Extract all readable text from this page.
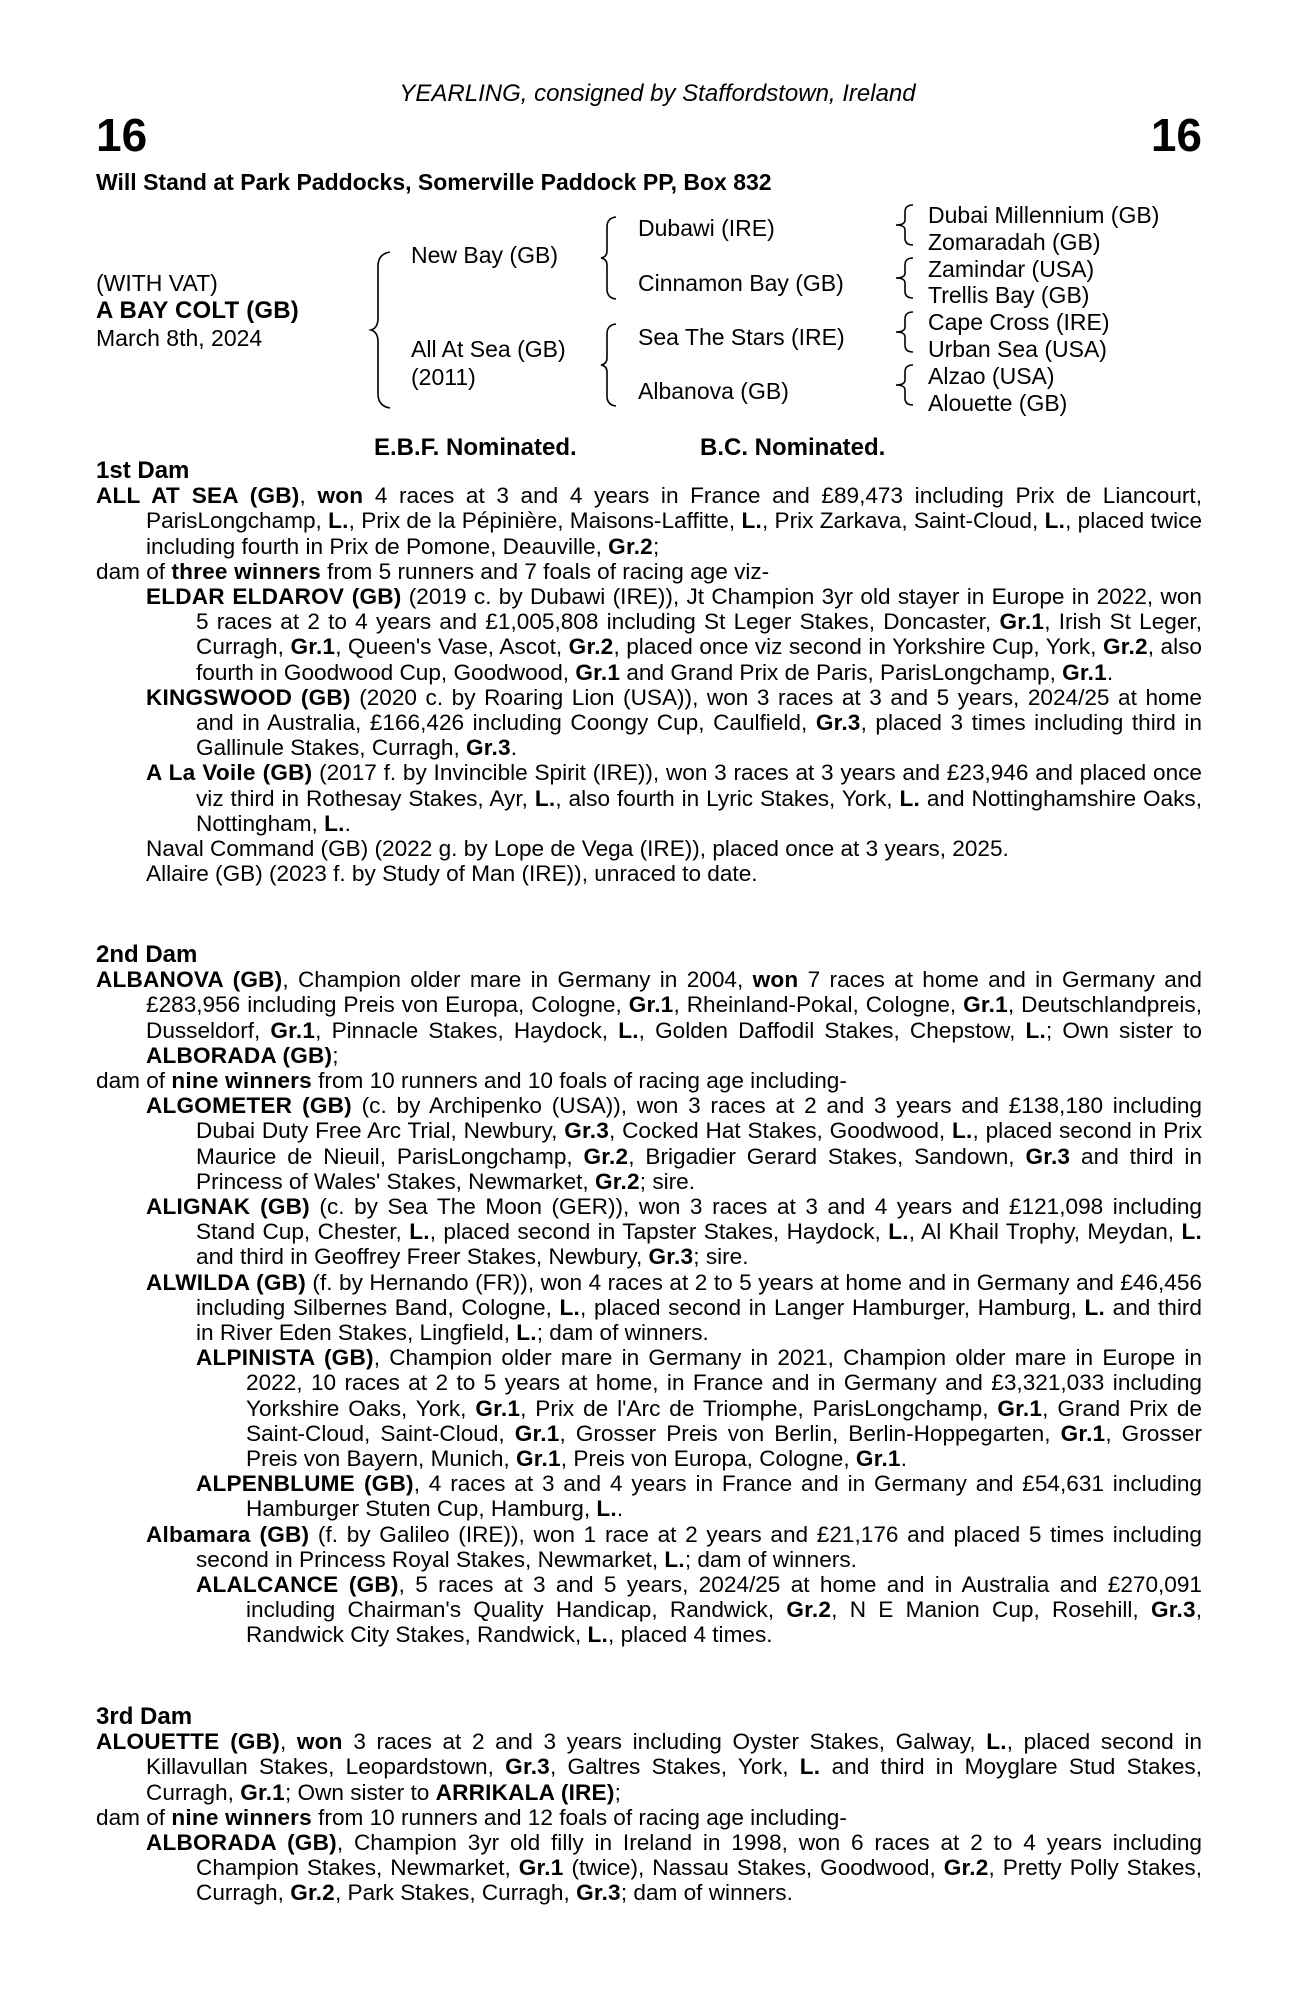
YEARLING, consigned by Staffordstown, Ireland
16	16
Will Stand at Park Paddocks, Somerville Paddock PP, Box 832
(WITH VAT)
A BAY COLT (GB)
March 8th, 2024
New Bay (GB)
All At Sea (GB)
(2011)
Dubawi (IRE)
Cinnamon Bay (GB)
Sea The Stars (IRE)
Albanova (GB)
Dubai Millennium (GB)
Zomaradah (GB)
Zamindar (USA)
Trellis Bay (GB)
Cape Cross (IRE)
Urban Sea (USA)
Alzao (USA)
Alouette (GB)
E.B.F. Nominated.	B.C. Nominated.
1st Dam

ALL AT SEA (GB), won 4 races at 3 and 4 years in France and £89,473 including Prix de Liancourt, ParisLongchamp, L., Prix de la Pépinière, Maisons-Laffitte, L., Prix Zarkava, Saint-Cloud, L., placed twice including fourth in Prix de Pomone, Deauville, Gr.2;

dam of three winners from 5 runners and 7 foals of racing age viz-

ELDAR ELDAROV (GB) (2019 c. by Dubawi (IRE)), Jt Champion 3yr old stayer in Europe in 2022, won 5 races at 2 to 4 years and £1,005,808 including St Leger Stakes, Doncaster, Gr.1, Irish St Leger, Curragh, Gr.1, Queen's Vase, Ascot, Gr.2, placed once viz second in Yorkshire Cup, York, Gr.2, also fourth in Goodwood Cup, Goodwood, Gr.1 and Grand Prix de Paris, ParisLongchamp, Gr.1.

KINGSWOOD (GB) (2020 c. by Roaring Lion (USA)), won 3 races at 3 and 5 years, 2024/25 at home and in Australia, £166,426 including Coongy Cup, Caulfield, Gr.3, placed 3 times including third in Gallinule Stakes, Curragh, Gr.3.

A La Voile (GB) (2017 f. by Invincible Spirit (IRE)), won 3 races at 3 years and £23,946 and placed once viz third in Rothesay Stakes, Ayr, L., also fourth in Lyric Stakes, York, L. and Nottinghamshire Oaks, Nottingham, L..

Naval Command (GB) (2022 g. by Lope de Vega (IRE)), placed once at 3 years, 2025.

Allaire (GB) (2023 f. by Study of Man (IRE)), unraced to date.

2nd Dam

ALBANOVA (GB), Champion older mare in Germany in 2004, won 7 races at home and in Germany and £283,956 including Preis von Europa, Cologne, Gr.1, Rheinland-Pokal, Cologne, Gr.1, Deutschlandpreis, Dusseldorf, Gr.1, Pinnacle Stakes, Haydock, L., Golden Daffodil Stakes, Chepstow, L.; Own sister to ALBORADA (GB);

dam of nine winners from 10 runners and 10 foals of racing age including-

ALGOMETER (GB) (c. by Archipenko (USA)), won 3 races at 2 and 3 years and £138,180 including Dubai Duty Free Arc Trial, Newbury, Gr.3, Cocked Hat Stakes, Goodwood, L., placed second in Prix Maurice de Nieuil, ParisLongchamp, Gr.2, Brigadier Gerard Stakes, Sandown, Gr.3 and third in Princess of Wales' Stakes, Newmarket, Gr.2; sire.

ALIGNAK (GB) (c. by Sea The Moon (GER)), won 3 races at 3 and 4 years and £121,098 including Stand Cup, Chester, L., placed second in Tapster Stakes, Haydock, L., Al Khail Trophy, Meydan, L. and third in Geoffrey Freer Stakes, Newbury, Gr.3; sire.

ALWILDA (GB) (f. by Hernando (FR)), won 4 races at 2 to 5 years at home and in Germany and £46,456 including Silbernes Band, Cologne, L., placed second in Langer Hamburger, Hamburg, L. and third in River Eden Stakes, Lingfield, L.; dam of winners.

ALPINISTA (GB), Champion older mare in Germany in 2021, Champion older mare in Europe in 2022, 10 races at 2 to 5 years at home, in France and in Germany and £3,321,033 including Yorkshire Oaks, York, Gr.1, Prix de l'Arc de Triomphe, ParisLongchamp, Gr.1, Grand Prix de Saint-Cloud, Saint-Cloud, Gr.1, Grosser Preis von Berlin, Berlin-Hoppegarten, Gr.1, Grosser Preis von Bayern, Munich, Gr.1, Preis von Europa, Cologne, Gr.1.

ALPENBLUME (GB), 4 races at 3 and 4 years in France and in Germany and £54,631 including Hamburger Stuten Cup, Hamburg, L..

Albamara (GB) (f. by Galileo (IRE)), won 1 race at 2 years and £21,176 and placed 5 times including second in Princess Royal Stakes, Newmarket, L.; dam of winners.

ALALCANCE (GB), 5 races at 3 and 5 years, 2024/25 at home and in Australia and £270,091 including Chairman's Quality Handicap, Randwick, Gr.2, N E Manion Cup, Rosehill, Gr.3, Randwick City Stakes, Randwick, L., placed 4 times.

3rd Dam

ALOUETTE (GB), won 3 races at 2 and 3 years including Oyster Stakes, Galway, L., placed second in Killavullan Stakes, Leopardstown, Gr.3, Galtres Stakes, York, L. and third in Moyglare Stud Stakes, Curragh, Gr.1; Own sister to ARRIKALA (IRE);

dam of nine winners from 10 runners and 12 foals of racing age including-

ALBORADA (GB), Champion 3yr old filly in Ireland in 1998, won 6 races at 2 to 4 years including Champion Stakes, Newmarket, Gr.1 (twice), Nassau Stakes, Goodwood, Gr.2, Pretty Polly Stakes, Curragh, Gr.2, Park Stakes, Curragh, Gr.3; dam of winners.
